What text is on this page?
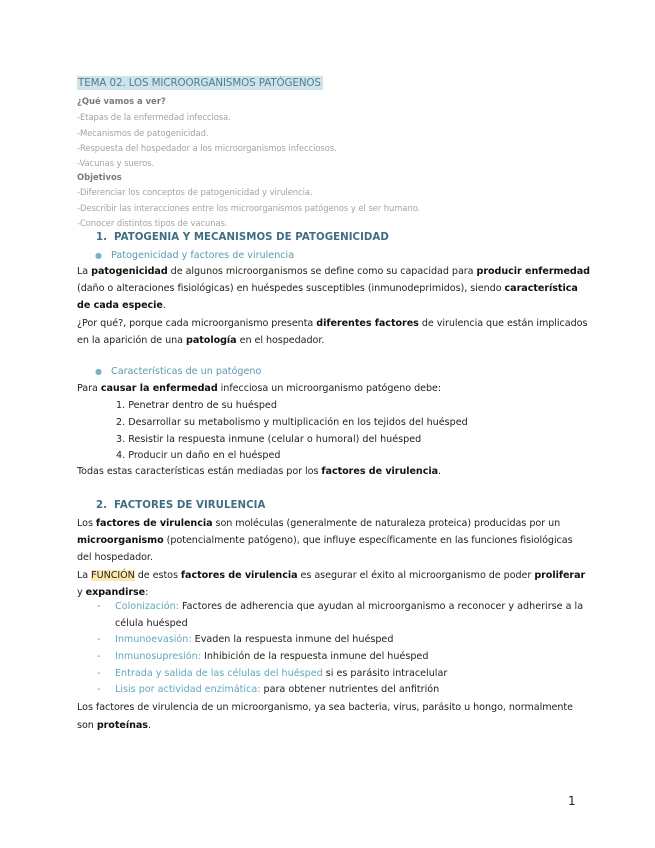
TEMA 02. LOS MICROORGANISMOS PATÓGENOS
¿Qué vamos a ver?
-Etapas de la enfermedad infecciosa.
-Mecanismos de patogenicidad.
-Respuesta del hospedador a los microorganismos infecciosos.
-Vacunas y sueros.
Objetivos
-Diferenciar los conceptos de patogenicidad y virulencia.
-Describir las interacciones entre los microorganismos patógenos y el ser humano.
-Conocer distintos tipos de vacunas.
1. PATOGENIA Y MECANISMOS DE PATOGENICIDAD
● Patogenicidad y factores de virulencia
La patogenicidad de algunos microorganismos se define como su capacidad para producir enfermedad
(daño o alteraciones fisiológicas) en huéspedes susceptibles (inmunodeprimidos), siendo característica
de cada especie.
¿Por qué?, porque cada microorganismo presenta diferentes factores de virulencia que están implicados
en la aparición de una patología en el hospedador.
● Características de un patógeno
Para causar la enfermedad infecciosa un microorganismo patógeno debe:
1. Penetrar dentro de su huésped
2. Desarrollar su metabolismo y multiplicación en los tejidos del huésped
3. Resistir la respuesta inmune (celular o humoral) del huésped
4. Producir un daño en el huésped
Todas estas características están mediadas por los factores de virulencia.
2. FACTORES DE VIRULENCIA
Los factores de virulencia son moléculas (generalmente de naturaleza proteica) producidas por un
microorganismo (potencialmente patógeno), que influye específicamente en las funciones fisiológicas
del hospedador.
La FUNCIÓN de estos factores de virulencia es asegurar el éxito al microorganismo de poder proliferar
y expandirse:
- Colonización: Factores de adherencia que ayudan al microorganismo a reconocer y adherirse a la
célula huésped
- Inmunoevasión: Evaden la respuesta inmune del huésped
- Inmunosupresión: Inhibición de la respuesta inmune del huésped
- Entrada y salida de las células del huésped si es parásito intracelular
- Lisis por actividad enzimática: para obtener nutrientes del anfitrión
Los factores de virulencia de un microorganismo, ya sea bacteria, virus, parásito u hongo, normalmente
son proteínas.
1
